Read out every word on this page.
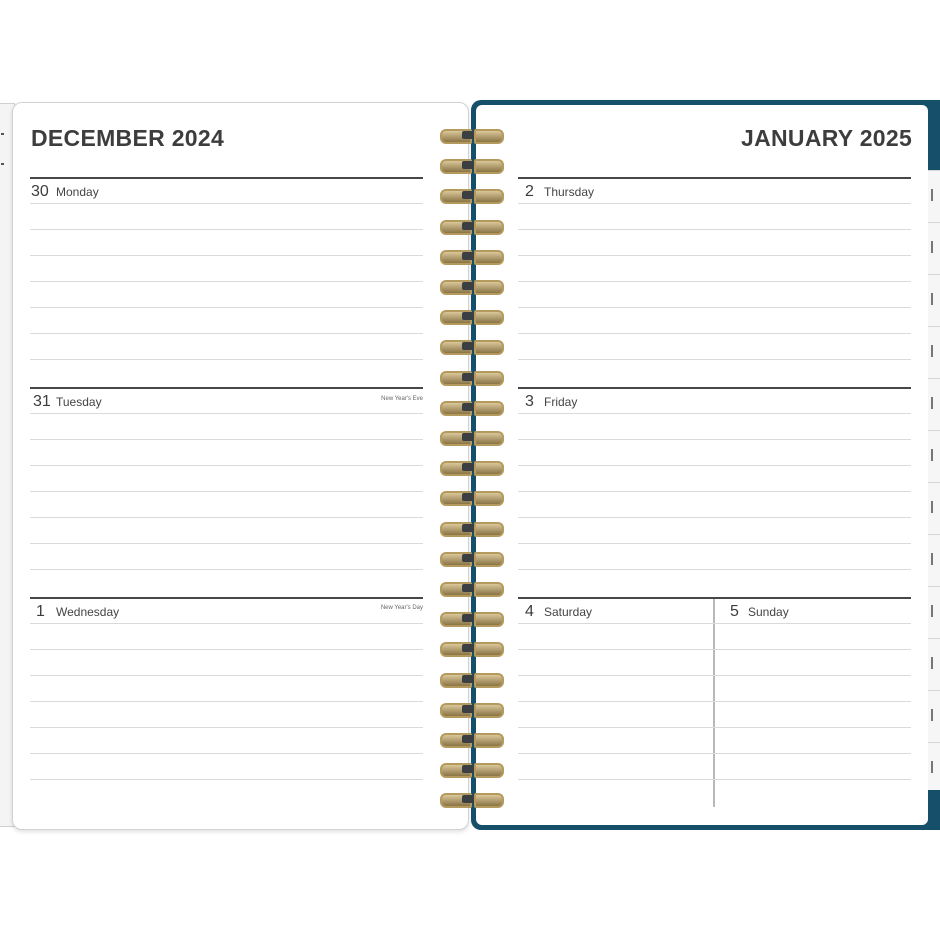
DECEMBER 2024
30 Monday
31 Tuesday	New Year's Eve
1 Wednesday	New Year's Day
JANUARY 2025
2 Thursday
3 Friday
4 Saturday	5 Sunday
